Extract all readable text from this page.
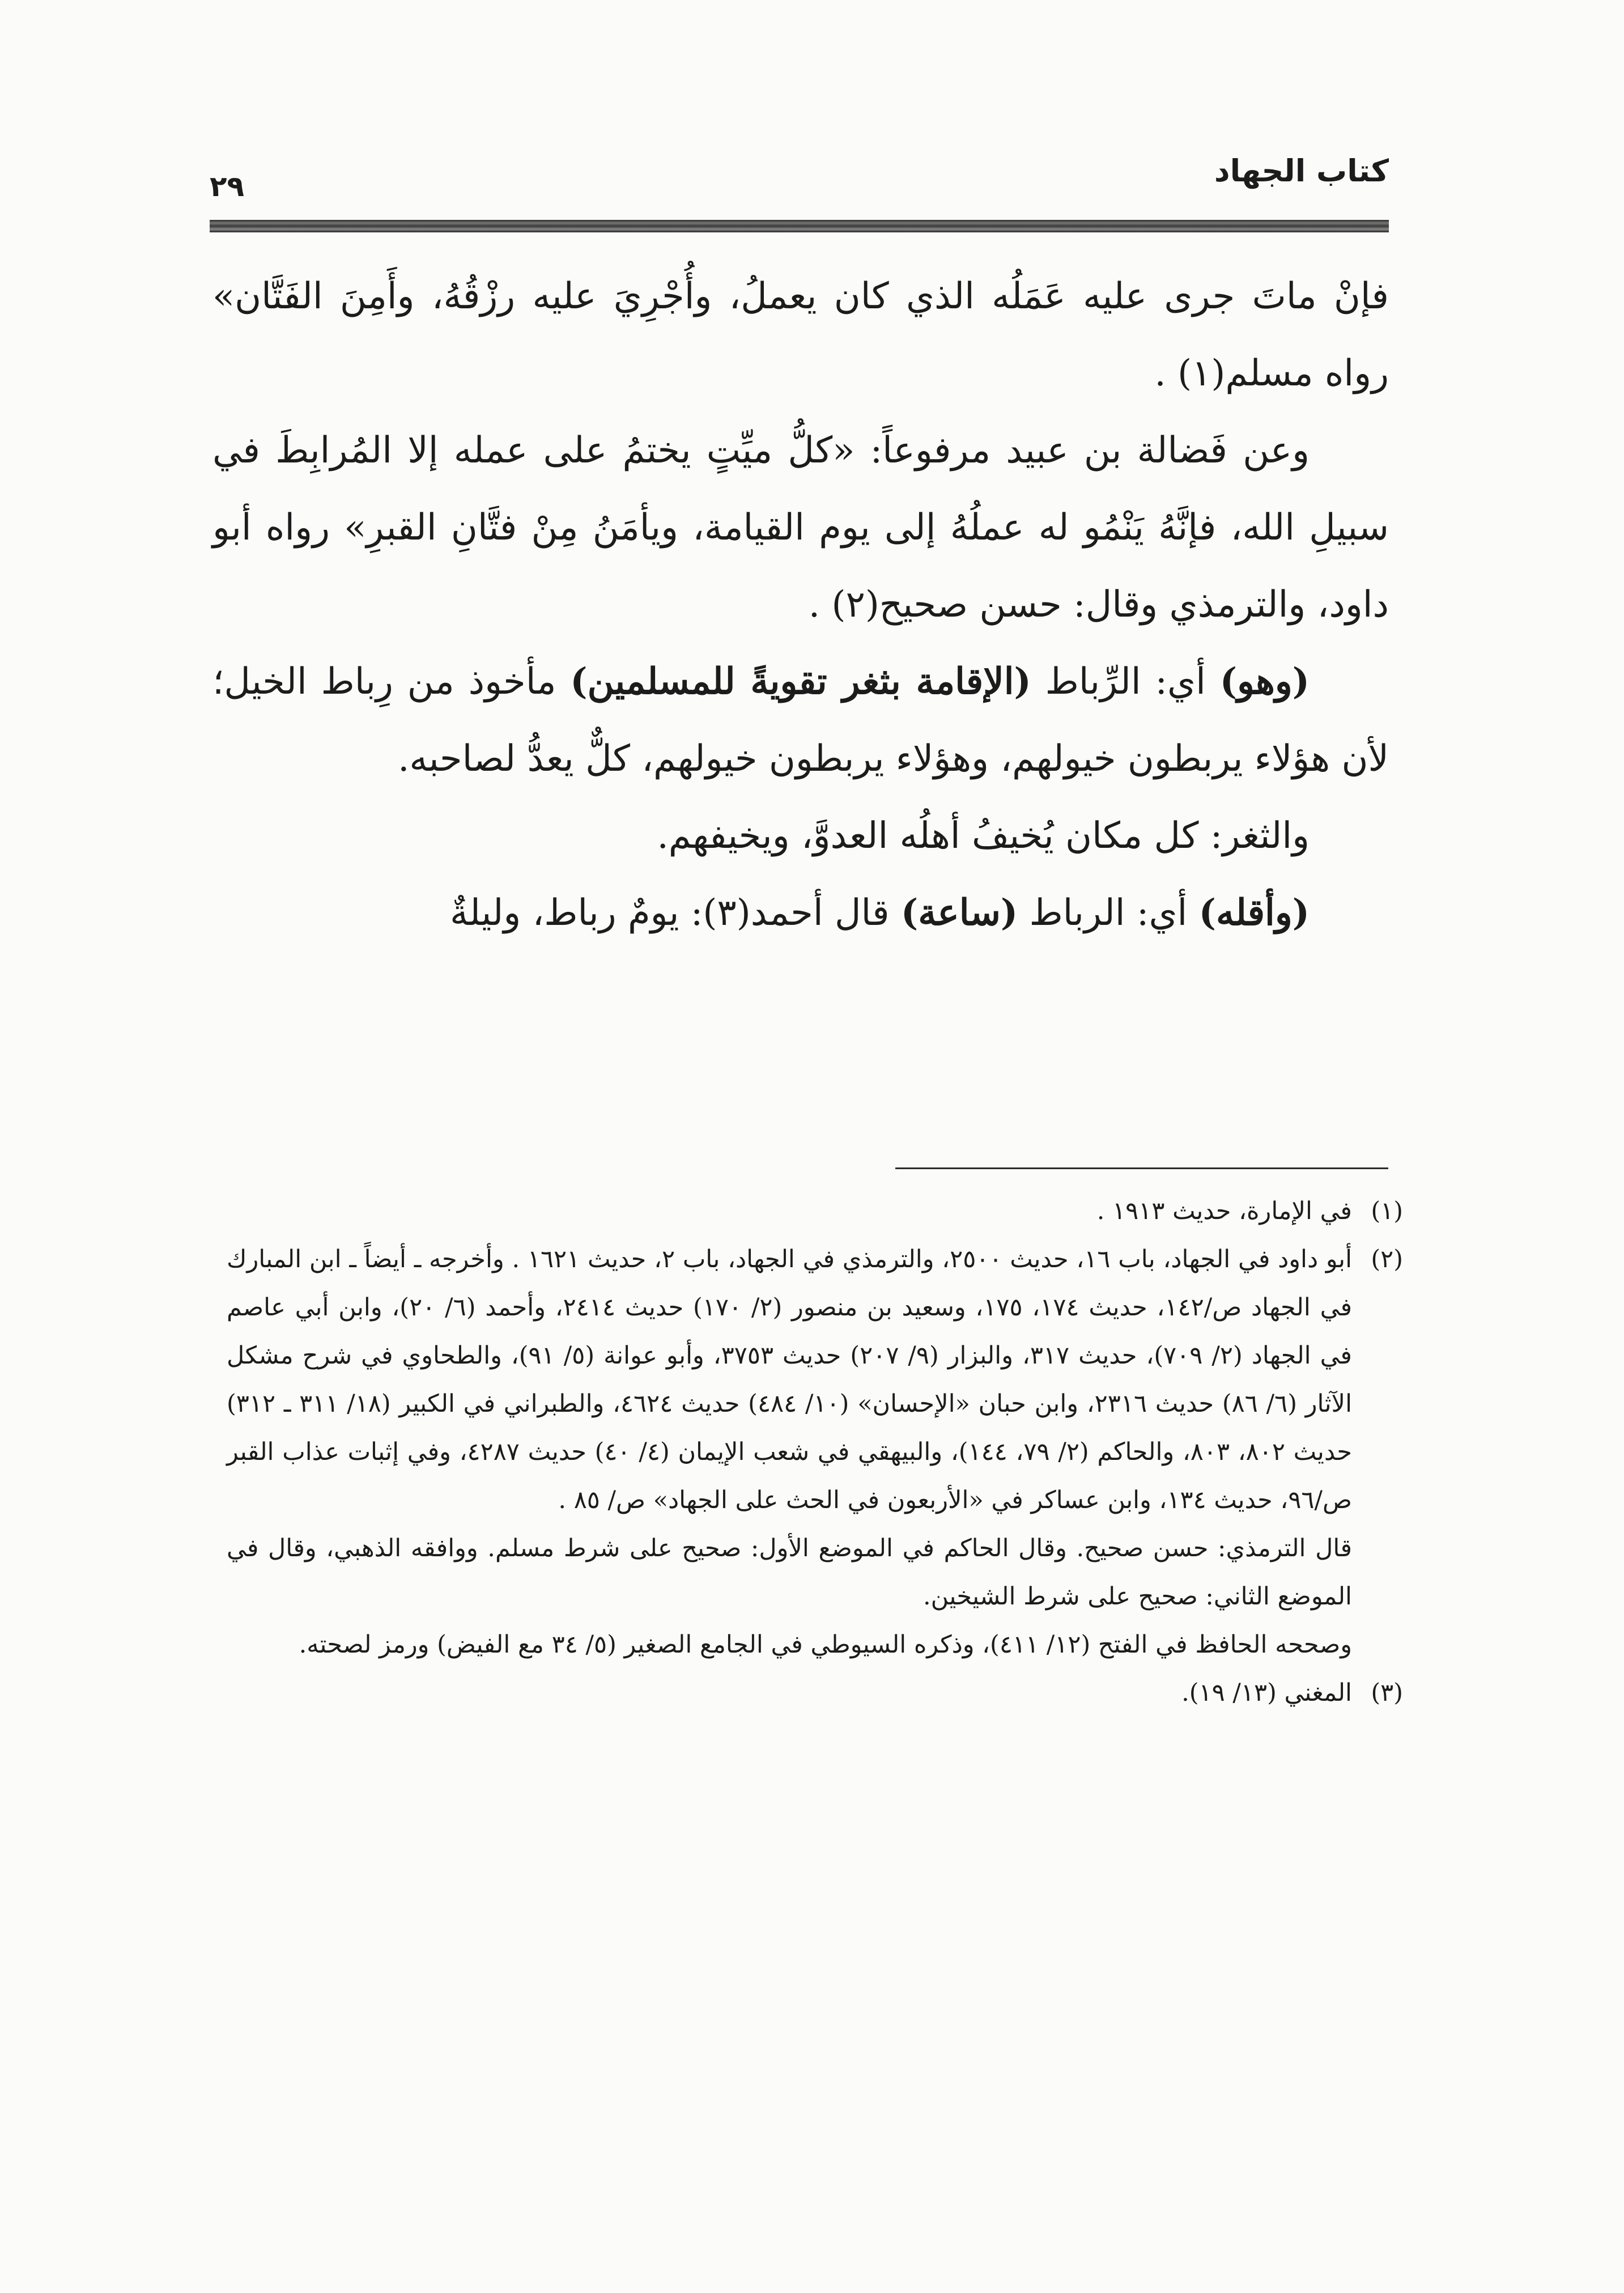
كتاب الجهاد
٢٩

فإنْ ماتَ جرى عليه عَمَلُه الذي كان يعملُ، وأُجْرِيَ عليه رزْقُهُ، وأَمِنَ الفَتَّان» رواه مسلم(١) .

وعن فَضالة بن عبيد مرفوعاً: «كلُّ ميِّتٍ يختمُ على عمله إلا المُرابِطَ في سبيلِ الله، فإنَّهُ يَنْمُو له عملُهُ إلى يوم القيامة، ويأمَنُ مِنْ فتَّانِ القبرِ» رواه أبو داود، والترمذي وقال: حسن صحيح(٢) .

(وهو) أي: الرِّباط (الإقامة بثغر تقويةً للمسلمين) مأخوذ من رِباط الخيل؛ لأن هؤلاء يربطون خيولهم، وهؤلاء يربطون خيولهم، كلٌّ يعدُّ لصاحبه.

والثغر: كل مكان يُخيفُ أهلُه العدوَّ، ويخيفهم.

(وأقله) أي: الرباط (ساعة) قال أحمد(٣): يومٌ رباط، وليلةٌ

(١)
في الإمارة، حديث ١٩١٣ .

(٢)
أبو داود في الجهاد، باب ١٦، حديث ٢٥٠٠، والترمذي في الجهاد، باب ٢، حديث ١٦٢١ . وأخرجه ـ أيضاً ـ ابن المبارك في الجهاد ص/١٤٢، حديث ١٧٤، ١٧٥، وسعيد بن منصور (٢/ ١٧٠) حديث ٢٤١٤، وأحمد (٦/ ٢٠)، وابن أبي عاصم في الجهاد (٢/ ٧٠٩)، حديث ٣١٧، والبزار (٩/ ٢٠٧) حديث ٣٧٥٣، وأبو عوانة (٥/ ٩١)، والطحاوي في شرح مشكل الآثار (٦/ ٨٦) حديث ٢٣١٦، وابن حبان «الإحسان» (١٠/ ٤٨٤) حديث ٤٦٢٤، والطبراني في الكبير (١٨/ ٣١١ ـ ٣١٢) حديث ٨٠٢، ٨٠٣، والحاكم (٢/ ٧٩، ١٤٤)، والبيهقي في شعب الإيمان (٤/ ٤٠) حديث ٤٢٨٧، وفي إثبات عذاب القبر ص/٩٦، حديث ١٣٤، وابن عساكر في «الأربعون في الحث على الجهاد» ص/ ٨٥ .

قال الترمذي: حسن صحيح. وقال الحاكم في الموضع الأول: صحيح على شرط مسلم. ووافقه الذهبي، وقال في الموضع الثاني: صحيح على شرط الشيخين.

وصححه الحافظ في الفتح (١٢/ ٤١١)، وذكره السيوطي في الجامع الصغير (٥/ ٣٤ مع الفيض) ورمز لصحته.

(٣)
المغني (١٣/ ١٩).
